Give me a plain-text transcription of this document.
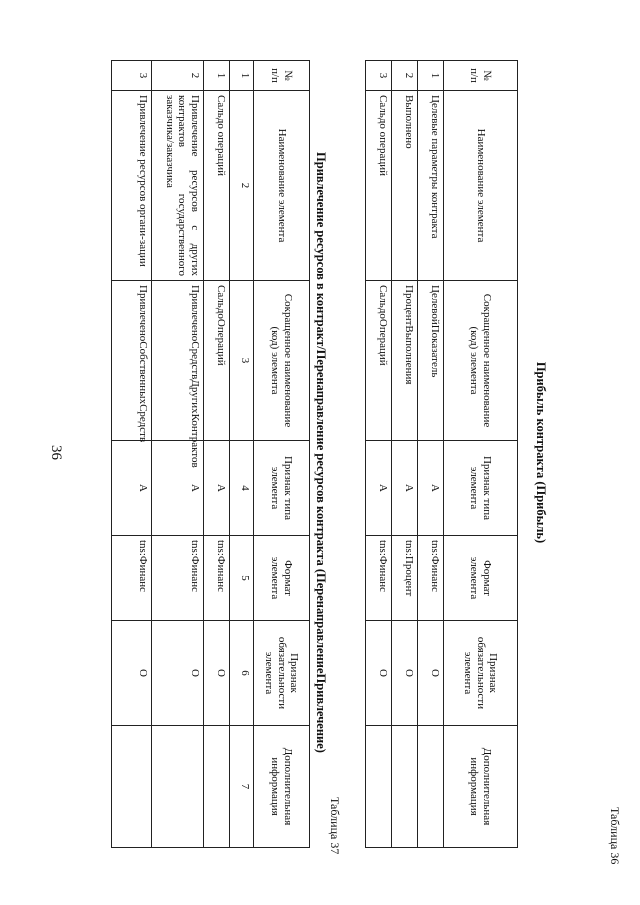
36
Таблица 36
Прибыль контракта (Прибыль)
№ п/п	Наименование элемента	Сокращенное наименование (код) элемента	Признак типа элемента	Формат элемента	Признак обязательности элемента	Дополнительная информация
1	Целевые параметры контракта	ЦелевойПоказатель	А	tns:Финанс	О	
2	Выполнено	ПроцентВыполнения	А	tns:Процент	О	
3	Сальдо операций	СальдоОпераций	А	tns:Финанс	О	
Таблица 37
Привлечение ресурсов в контракт/Перенаправление ресурсов контракта (ПеренаправлениеПривлечение)
№ п/п	Наименование элемента	Сокращенное наименование (код) элемента	Признак типа элемента	Формат элемента	Признак обязательности элемента	Дополнительная информация
1	2	3	4	5	6	7
1	Сальдо операций	СальдоОпераций	А	tns:Финанс	О	
2	Привлечение ресурсов с других контрактов государственного заказчика/заказчика	ПривлеченоСредствДругихКонтрактов	А	tns:Финанс	О	
3	Привлечение ресурсов органи-зации	ПривлеченоСобственныхСредств	А	tns:Финанс	О	
